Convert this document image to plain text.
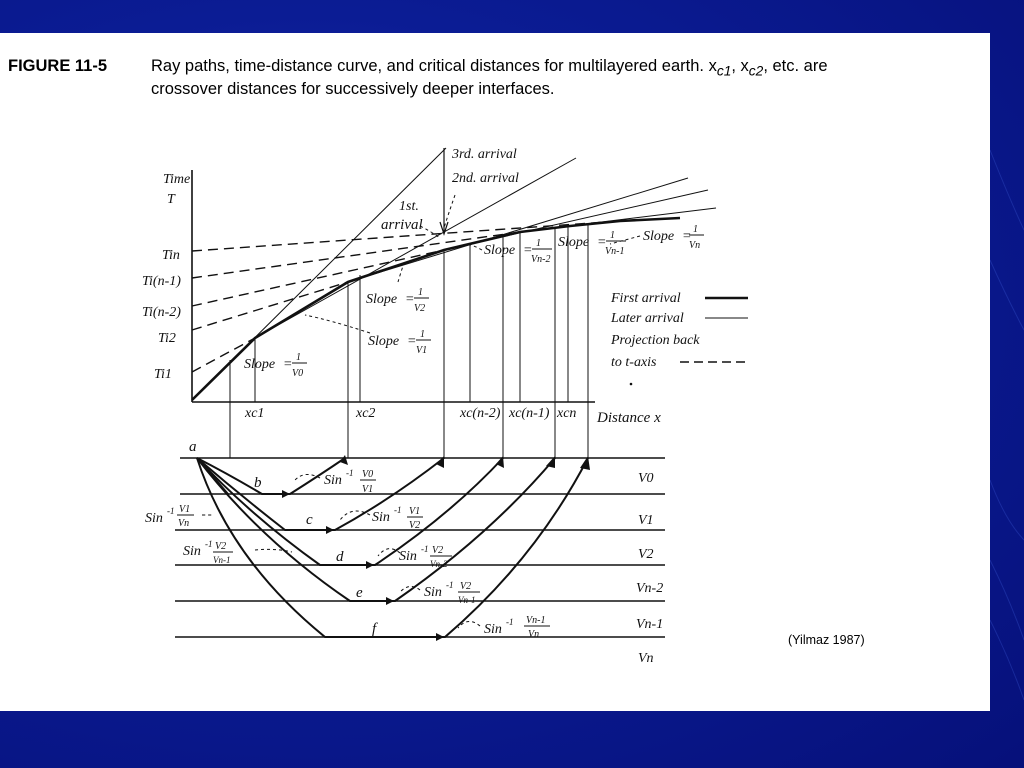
FIGURE 11-5	Ray paths, time-distance curve, and critical distances for multilayered earth. $x_{c1}$, $x_{c2}$, etc. are
crossover distances for successively deeper interfaces.
(Yilmaz 1987)
Time
T
Tin
Ti(n-1)
Ti(n-2)
Ti2
Ti1
xc1	xc2	xc(n-2) xc(n-1) xcn Distance x
3rd. arrival
2nd. arrival
1st.
arrival
Slope = 1
V0
Slope = 1
V1
Slope = 1
V2
Slope = 1
Vn-2
Slope = 1
Vn-1
Slope = 1
Vn
First arrival
Later arrival
Projection back
to t-axis
a
b
c
d
e
f
V0
V1
V2
Vn-2
Vn-1
Vn
Sin -1 V0
V1
Sin -1 V1
V2
Sin -1 V2
Vn-2
Sin -1 V2
Vn-1
Sin -1 Vn-1
Vn
Sin -1 V1
Vn
Sin -1 V2
Vn-1
